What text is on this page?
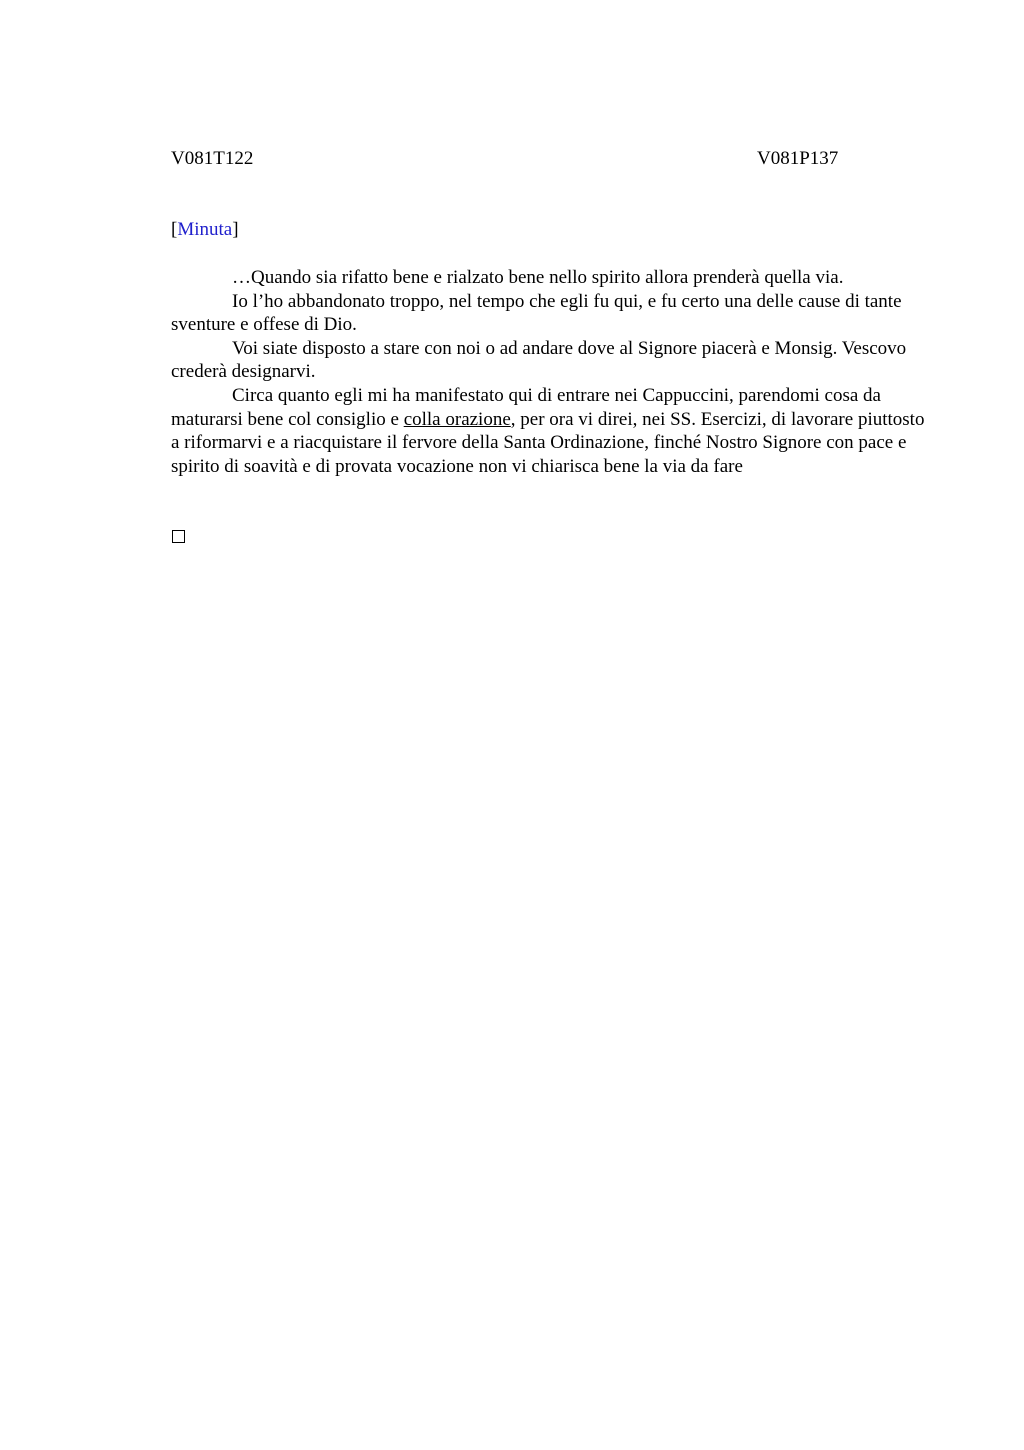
V081T122	V081P137
[Minuta]

…Quando sia rifatto bene e rialzato bene nello spirito allora prenderà quella via.

Io l’ho abbandonato troppo, nel tempo che egli fu qui, e fu certo una delle cause di tante sventure e offese di Dio.

Voi siate disposto a stare con noi o ad andare dove al Signore piacerà e Monsig. Vescovo crederà designarvi.

Circa quanto egli mi ha manifestato qui di entrare nei Cappuccini, parendomi cosa da maturarsi bene col consiglio e colla orazione, per ora vi direi, nei SS. Esercizi, di lavorare piuttosto a riformarvi e a riacquistare il fervore della Santa Ordinazione, finché Nostro Signore con pace e spirito di soavità e di provata vocazione non vi chiarisca bene la via da fare
